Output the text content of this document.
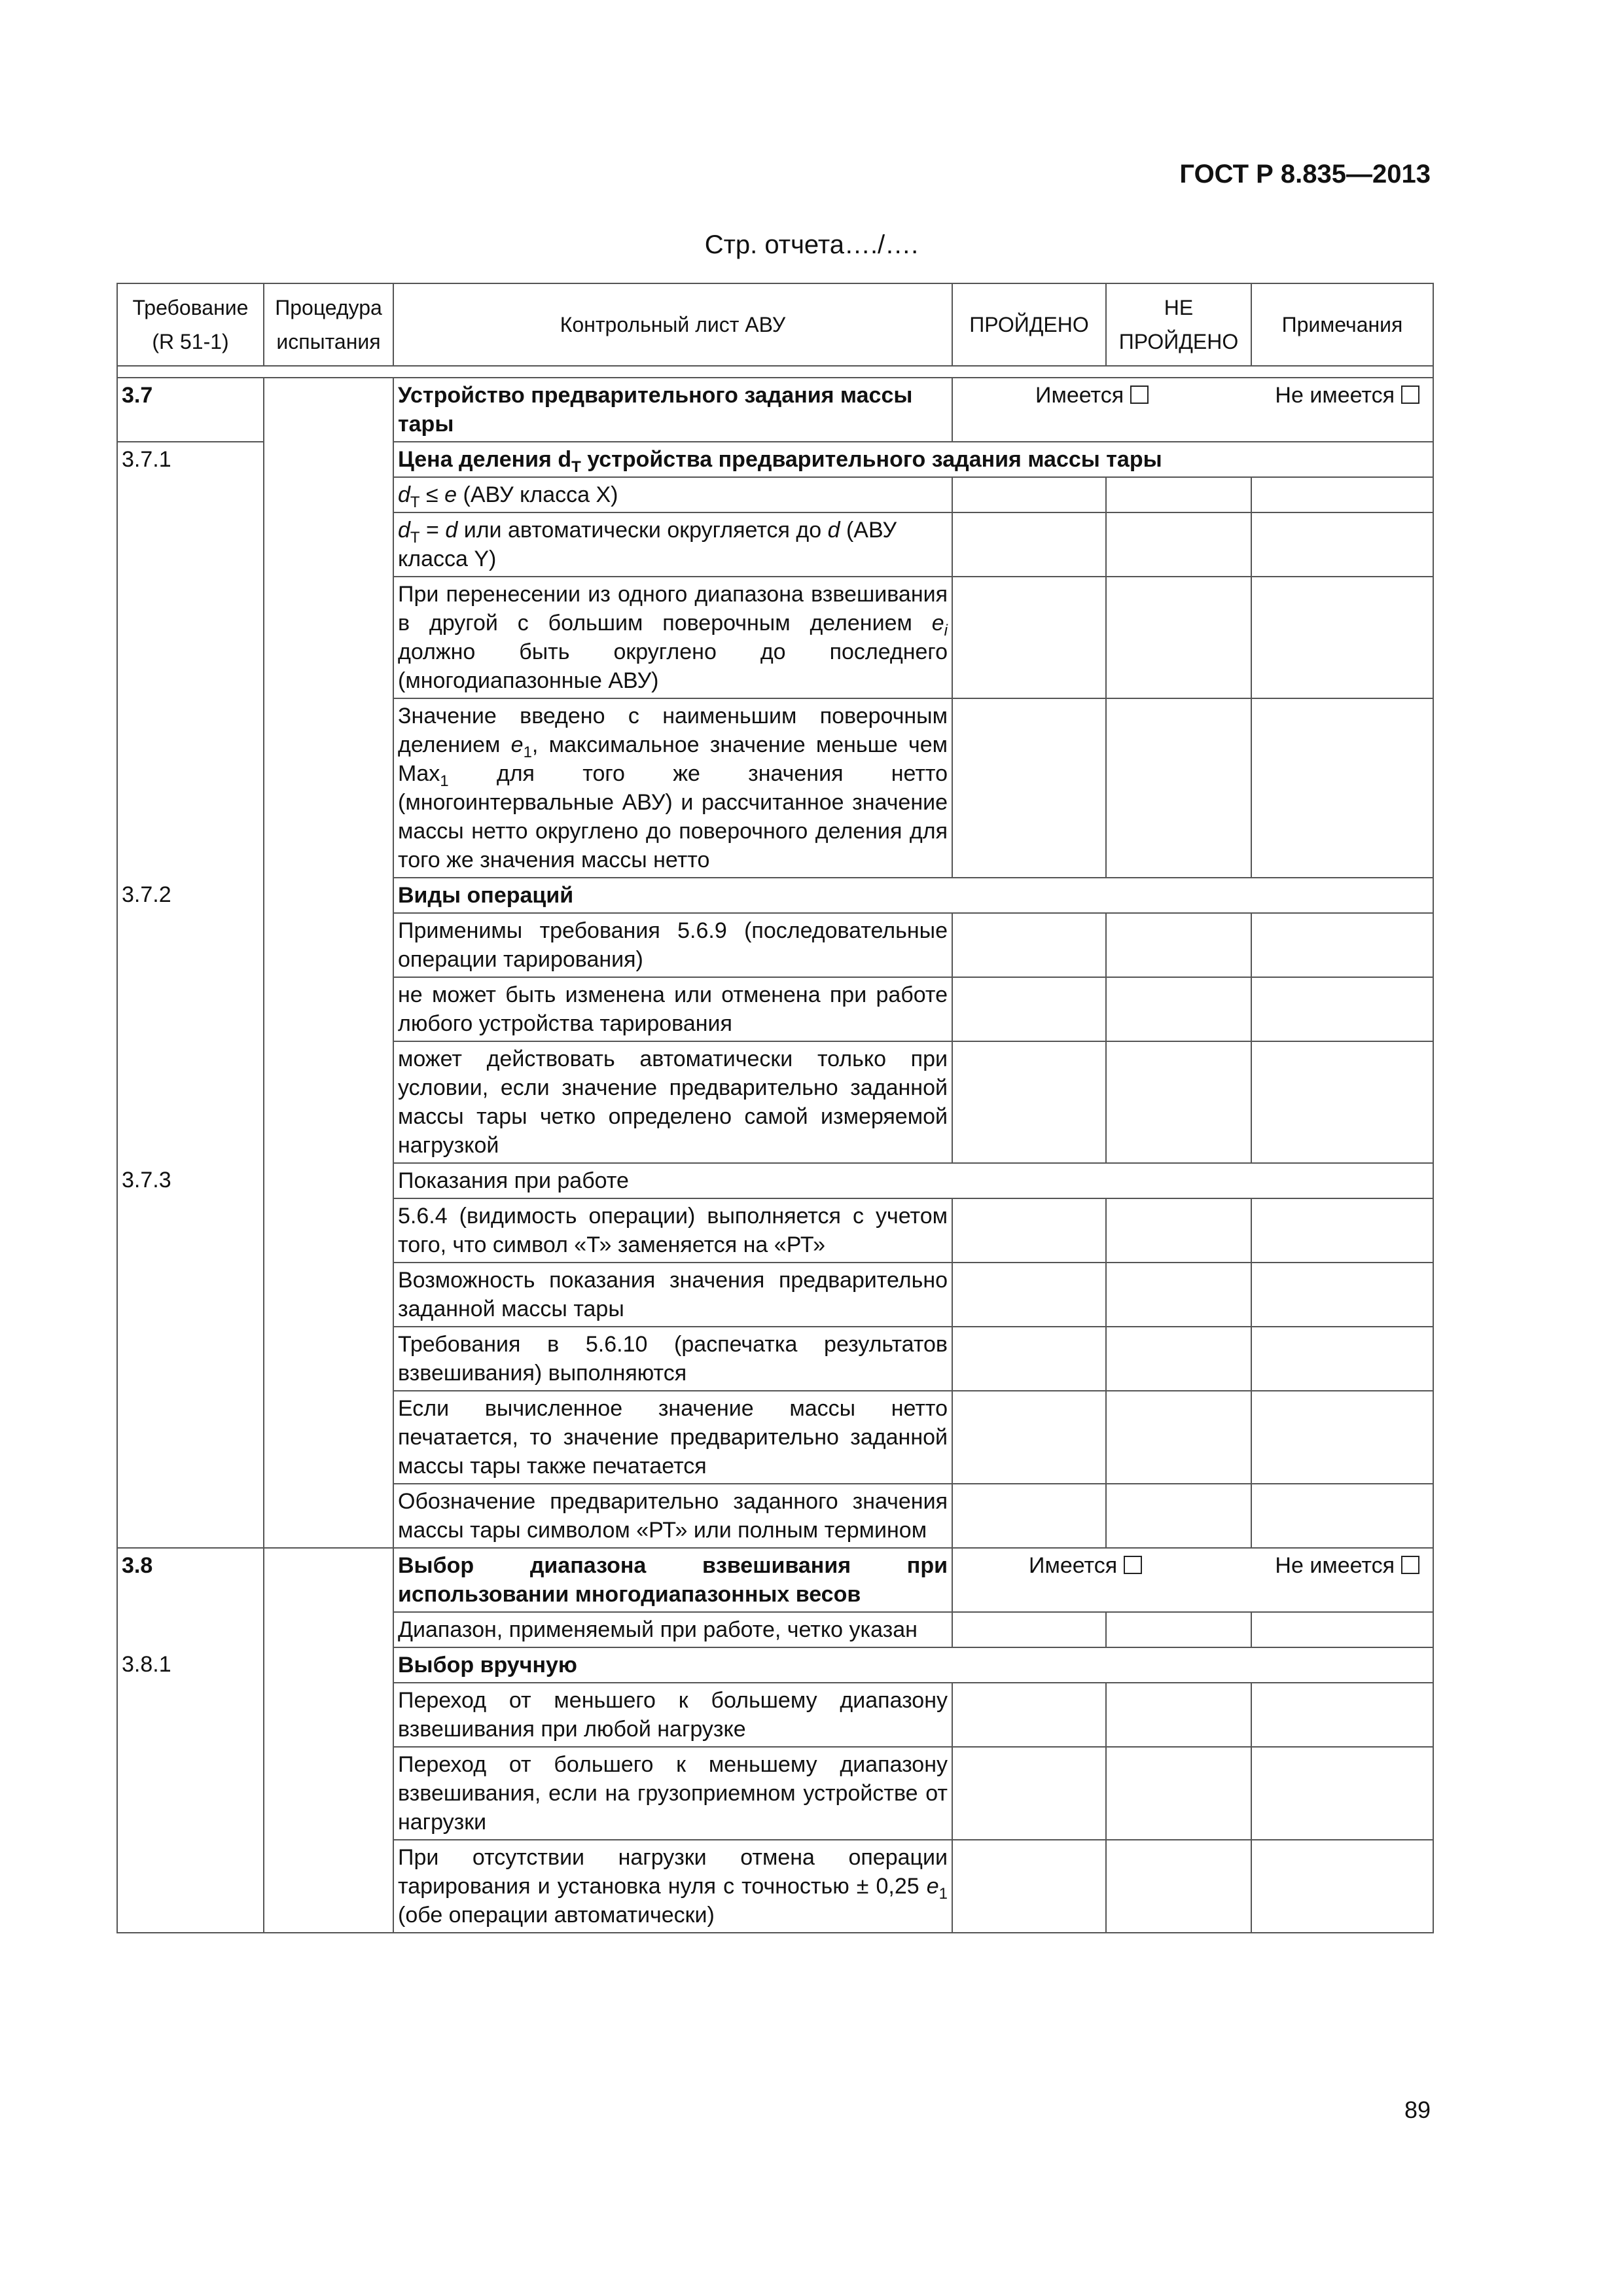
ГОСТ Р 8.835—2013
Стр. отчета…./….
Требование (R 51-1)	Процедура испытания	Контрольный лист АВУ	ПРОЙДЕНО	НЕ ПРОЙДЕНО	Примечания

3.7		Устройство предварительного задания массы тары	Имеется Не имеется		

3.7.1		Цена деления $d_T$ устройства предварительного задания массы тары			
		$d_T \le e$ (АВУ класса X)			
		$d_T = d$ или автоматически округляется до d (АВУ класса Y)			
		При перенесении из одного диапазона взвешивания в другой с большим поверочным делением $e_i$ должно быть округлено до последнего (многодиапазонные АВУ)			
		Значение введено с наименьшим поверочным делением $e_1$, максимальное значение меньше чем Max$_1$ для того же значения нетто (многоинтервальные АВУ) и рассчитанное значение массы нетто округлено до поверочного деления для того же значения массы нетто			
3.7.2		Виды операций			
		Применимы требования 5.6.9 (последовательные операции тарирования)			
		не может быть изменена или отменена при работе любого устройства тарирования			
		может действовать автоматически только при условии, если значение предварительно заданной массы тары четко определено самой измеряемой нагрузкой			
3.7.3		Показания при работе			
		5.6.4 (видимость операции) выполняется с учетом того, что символ «Т» заменяется на «РТ»			
		Возможность показания значения предварительно заданной массы тары			
		Требования в 5.6.10 (распечатка результатов взвешивания) выполняются			
		Если вычисленное значение массы нетто печатается, то значение предварительно заданной массы тары также печатается			
		Обозначение предварительно заданного значения массы тары символом «РТ» или полным термином			
3.8		Выбор диапазона взвешивания при использовании многодиапазонных весов	Имеется Не имеется		

		Диапазон, применяемый при работе, четко указан			
3.8.1		Выбор вручную			
		Переход от меньшего к большему диапазону взвешивания при любой нагрузке			
		Переход от большего к меньшему диапазону взвешивания, если на грузоприемном устройстве от нагрузки			
		При отсутствии нагрузки отмена операции тарирования и установка нуля с точностью ± 0,25 $e_1$ (обе операции автоматически)			
89
